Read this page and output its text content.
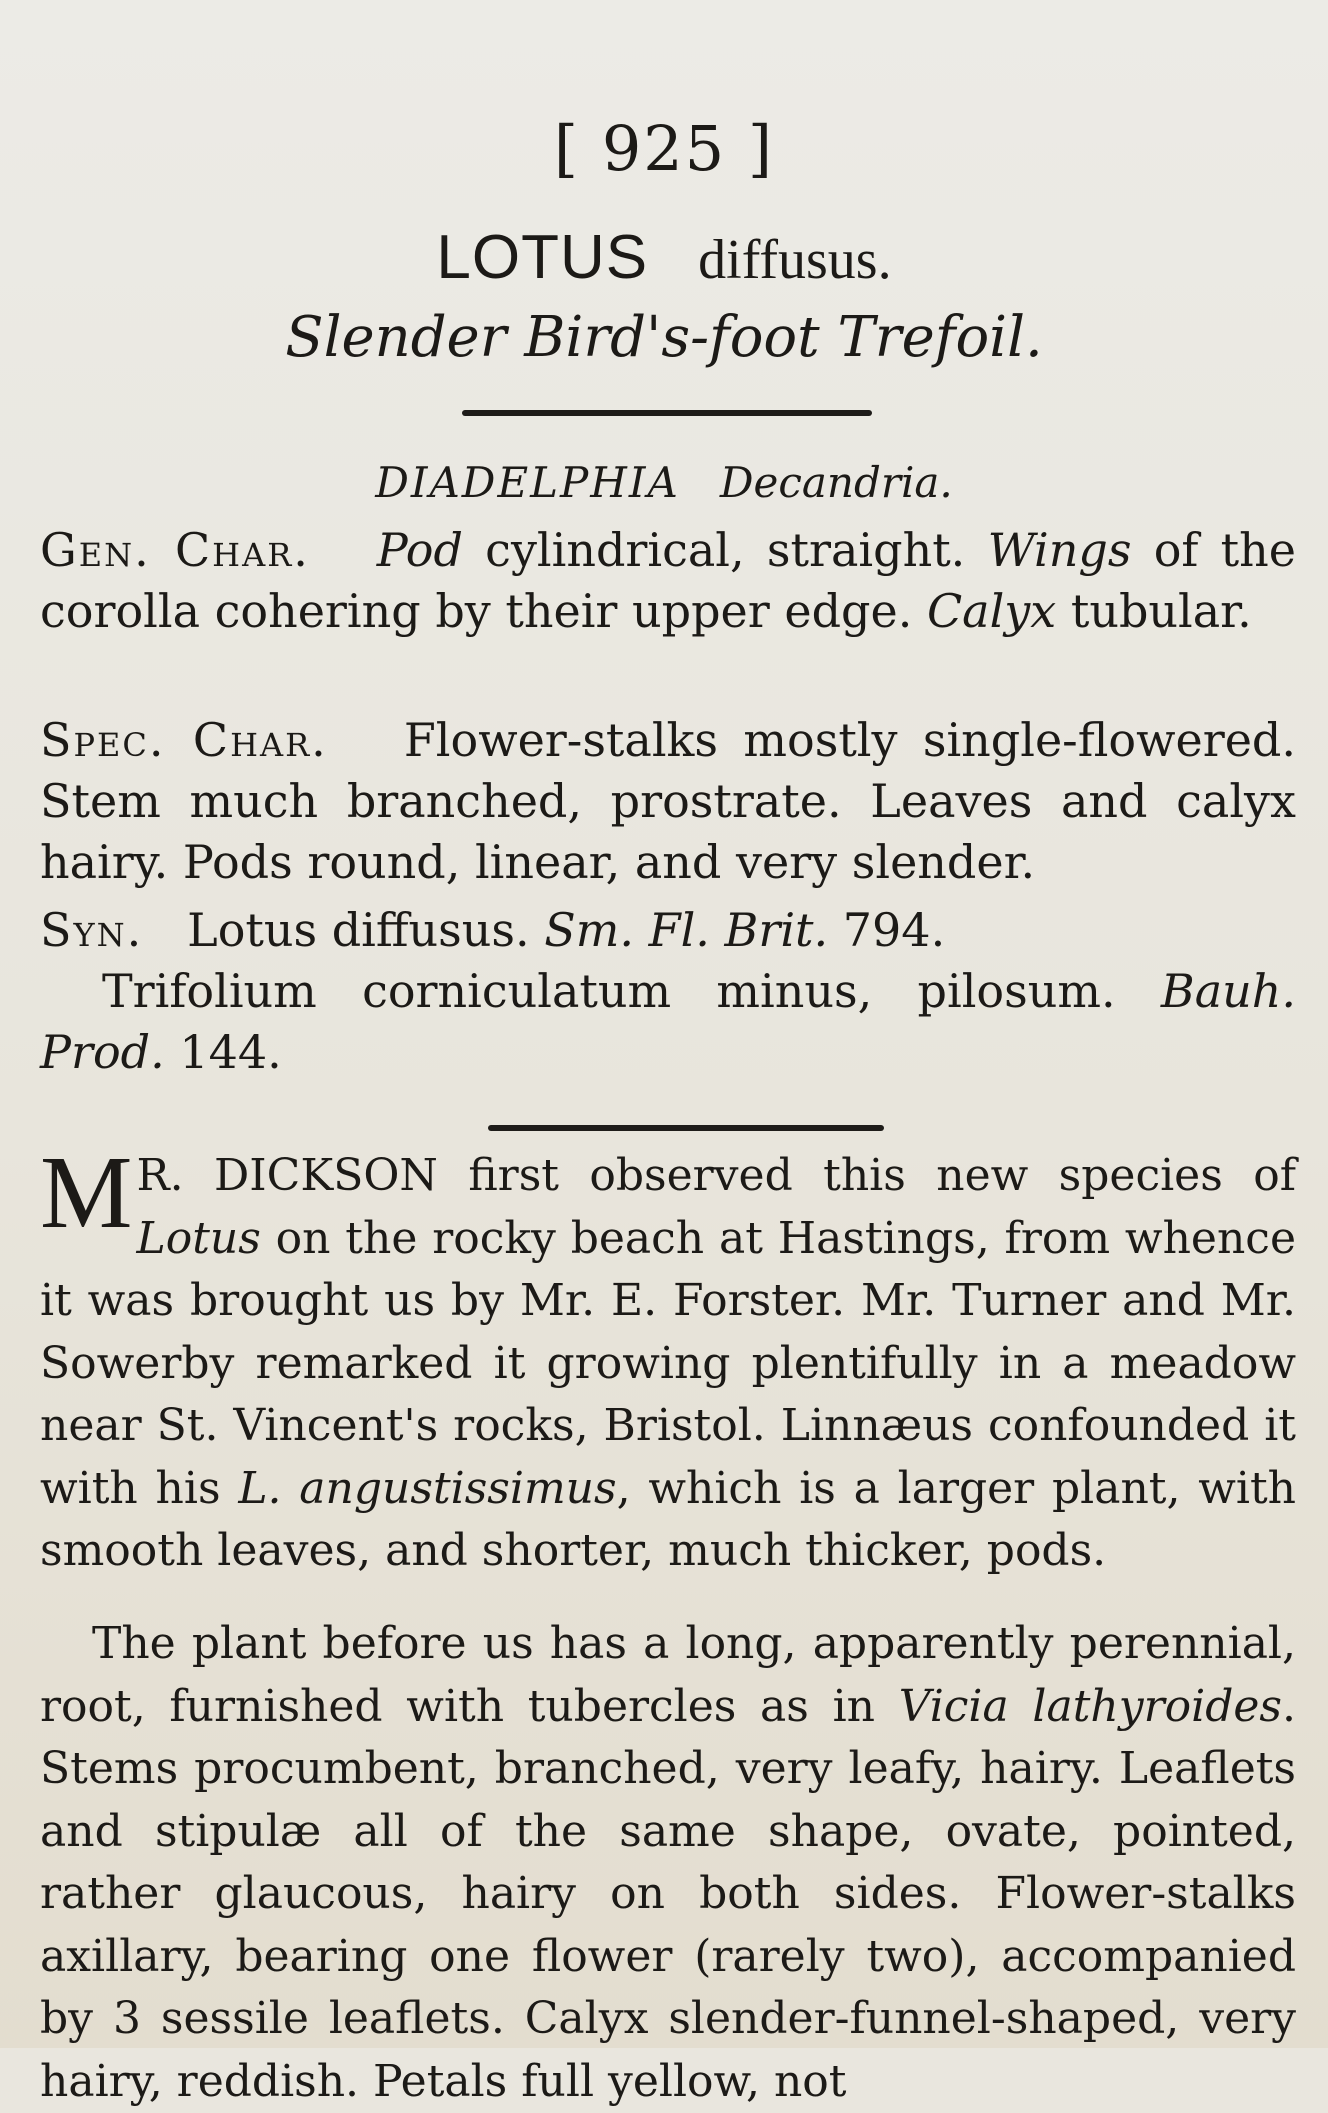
[ 925 ]
LOTUS diffusus.
Slender Bird's-foot Trefoil.
DIADELPHIA Decandria.
Gen. Char. Pod cylindrical, straight. Wings of the corolla cohering by their upper edge. Calyx tubular.
Spec. Char. Flower-stalks mostly single-flowered. Stem much branched, prostrate. Leaves and calyx hairy. Pods round, linear, and very slender.
Syn. Lotus diffusus. Sm. Fl. Brit. 794.
Trifolium corniculatum minus, pilosum. Bauh. Prod. 144.
M R. DICKSON first observed this new species of Lotus on the rocky beach at Hastings, from whence it was brought us by Mr. E. Forster. Mr. Turner and Mr. Sowerby remarked it growing plentifully in a meadow near St. Vincent's rocks, Bristol. Linnæus confounded it with his L. angustissimus, which is a larger plant, with smooth leaves, and shorter, much thicker, pods.
The plant before us has a long, apparently perennial, root, furnished with tubercles as in Vicia lathyroides. Stems procumbent, branched, very leafy, hairy. Leaflets and stipulæ all of the same shape, ovate, pointed, rather glaucous, hairy on both sides. Flower-stalks axillary, bearing one flower (rarely two), accompanied by 3 sessile leaflets. Calyx slender-funnel-shaped, very hairy, reddish. Petals full yellow, not
